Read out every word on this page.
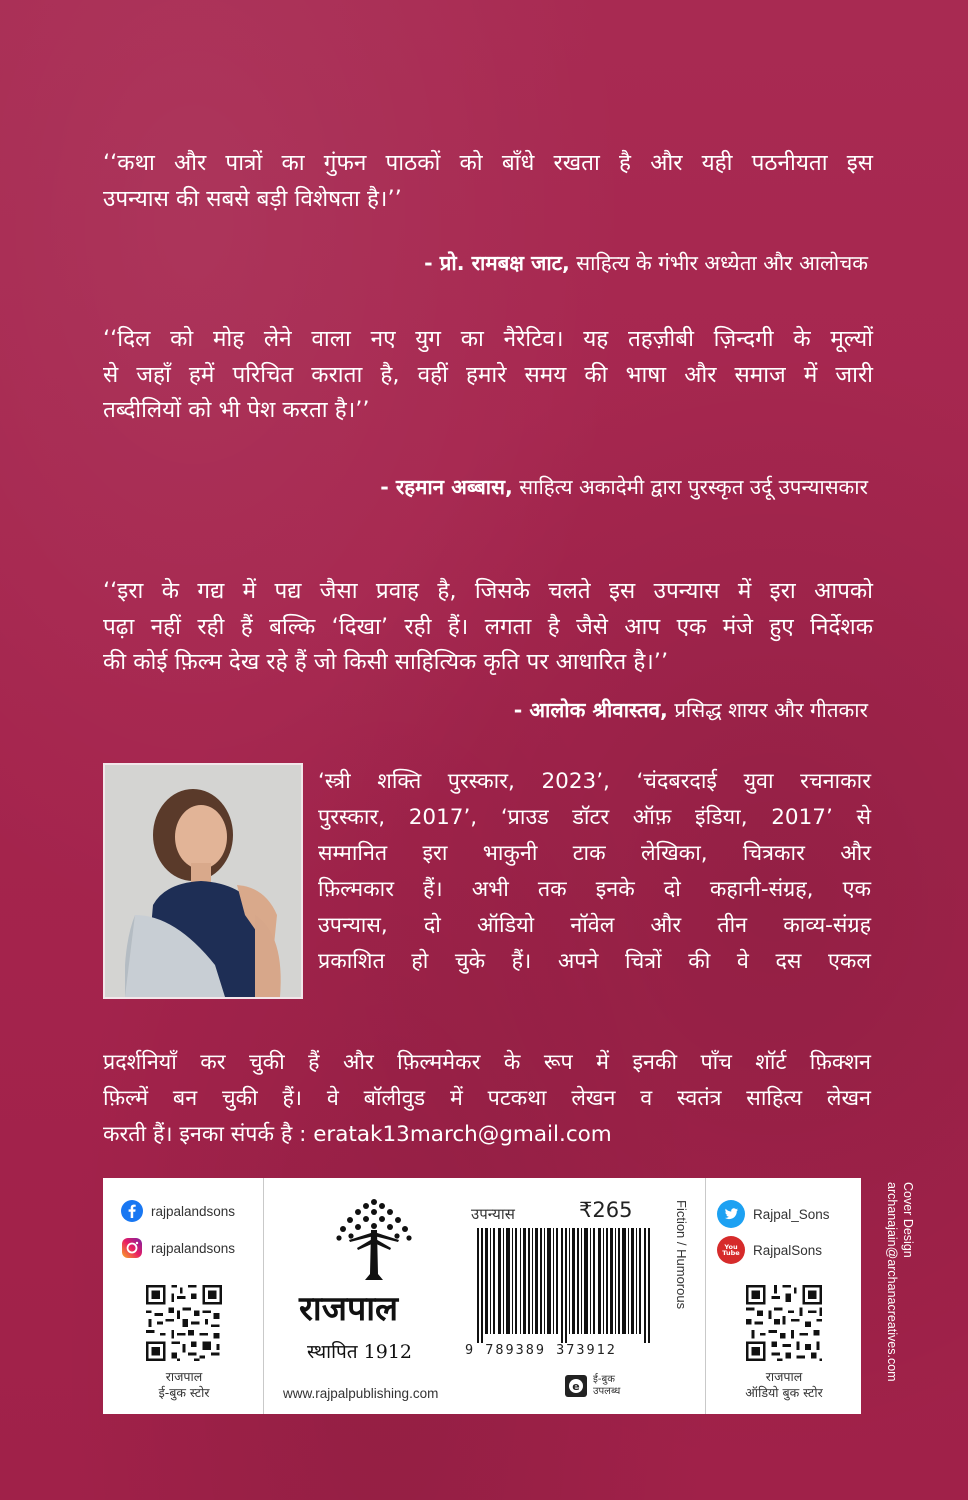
‘‘कथा और पात्रों का गुंफन पाठकों को बाँधे रखता है और यही पठनीयता इस
उपन्यास की सबसे बड़ी विशेषता है।’’
- प्रो. रामबक्ष जाट, साहित्य के गंभीर अध्येता और आलोचक
‘‘दिल को मोह लेने वाला नए युग का नैरेटिव। यह तहज़ीबी ज़िन्दगी के मूल्यों
से जहाँ हमें परिचित कराता है, वहीं हमारे समय की भाषा और समाज में जारी
तब्दीलियों को भी पेश करता है।’’
- रहमान अब्बास, साहित्य अकादेमी द्वारा पुरस्कृत उर्दू उपन्यासकार
‘‘इरा के गद्य में पद्य जैसा प्रवाह है, जिसके चलते इस उपन्यास में इरा आपको
पढ़ा नहीं रही हैं बल्कि ‘दिखा’ रही हैं। लगता है जैसे आप एक मंजे हुए निर्देशक
की कोई फ़िल्म देख रहे हैं जो किसी साहित्यिक कृति पर आधारित है।’’
- आलोक श्रीवास्तव, प्रसिद्ध शायर और गीतकार
‘स्त्री शक्ति पुरस्कार, 2023’, ‘चंदबरदाई युवा रचनाकार
पुरस्कार, 2017’, ‘प्राउड डॉटर ऑफ़ इंडिया, 2017’ से
सम्मानित इरा भाकुनी टाक लेखिका, चित्रकार और
फ़िल्मकार हैं। अभी तक इनके दो कहानी-संग्रह, एक
उपन्यास, दो ऑडियो नॉवेल और तीन काव्य-संग्रह
प्रकाशित हो चुके हैं। अपने चित्रों की वे दस एकल
प्रदर्शनियाँ कर चुकी हैं और फ़िल्ममेकर के रूप में इनकी पाँच शॉर्ट फ़िक्शन
फ़िल्में बन चुकी हैं। वे बॉलीवुड में पटकथा लेखन व स्वतंत्र साहित्य लेखन
करती हैं। इनका संपर्क है : eratak13march@gmail.com
rajpalandsons
rajpalandsons
राजपाल
ई-बुक स्टोर
राजपाल
स्थापित 1912
www.rajpalpublishing.com
उपन्यास	₹265
9 789389 373912
e
ई-बुक
उपलब्ध
Fiction / Humorous	Rajpal_Sons
You Tube RajpalSons
राजपाल
ऑडियो बुक स्टोर
Cover Design
archanajain@archanacreatives.com
